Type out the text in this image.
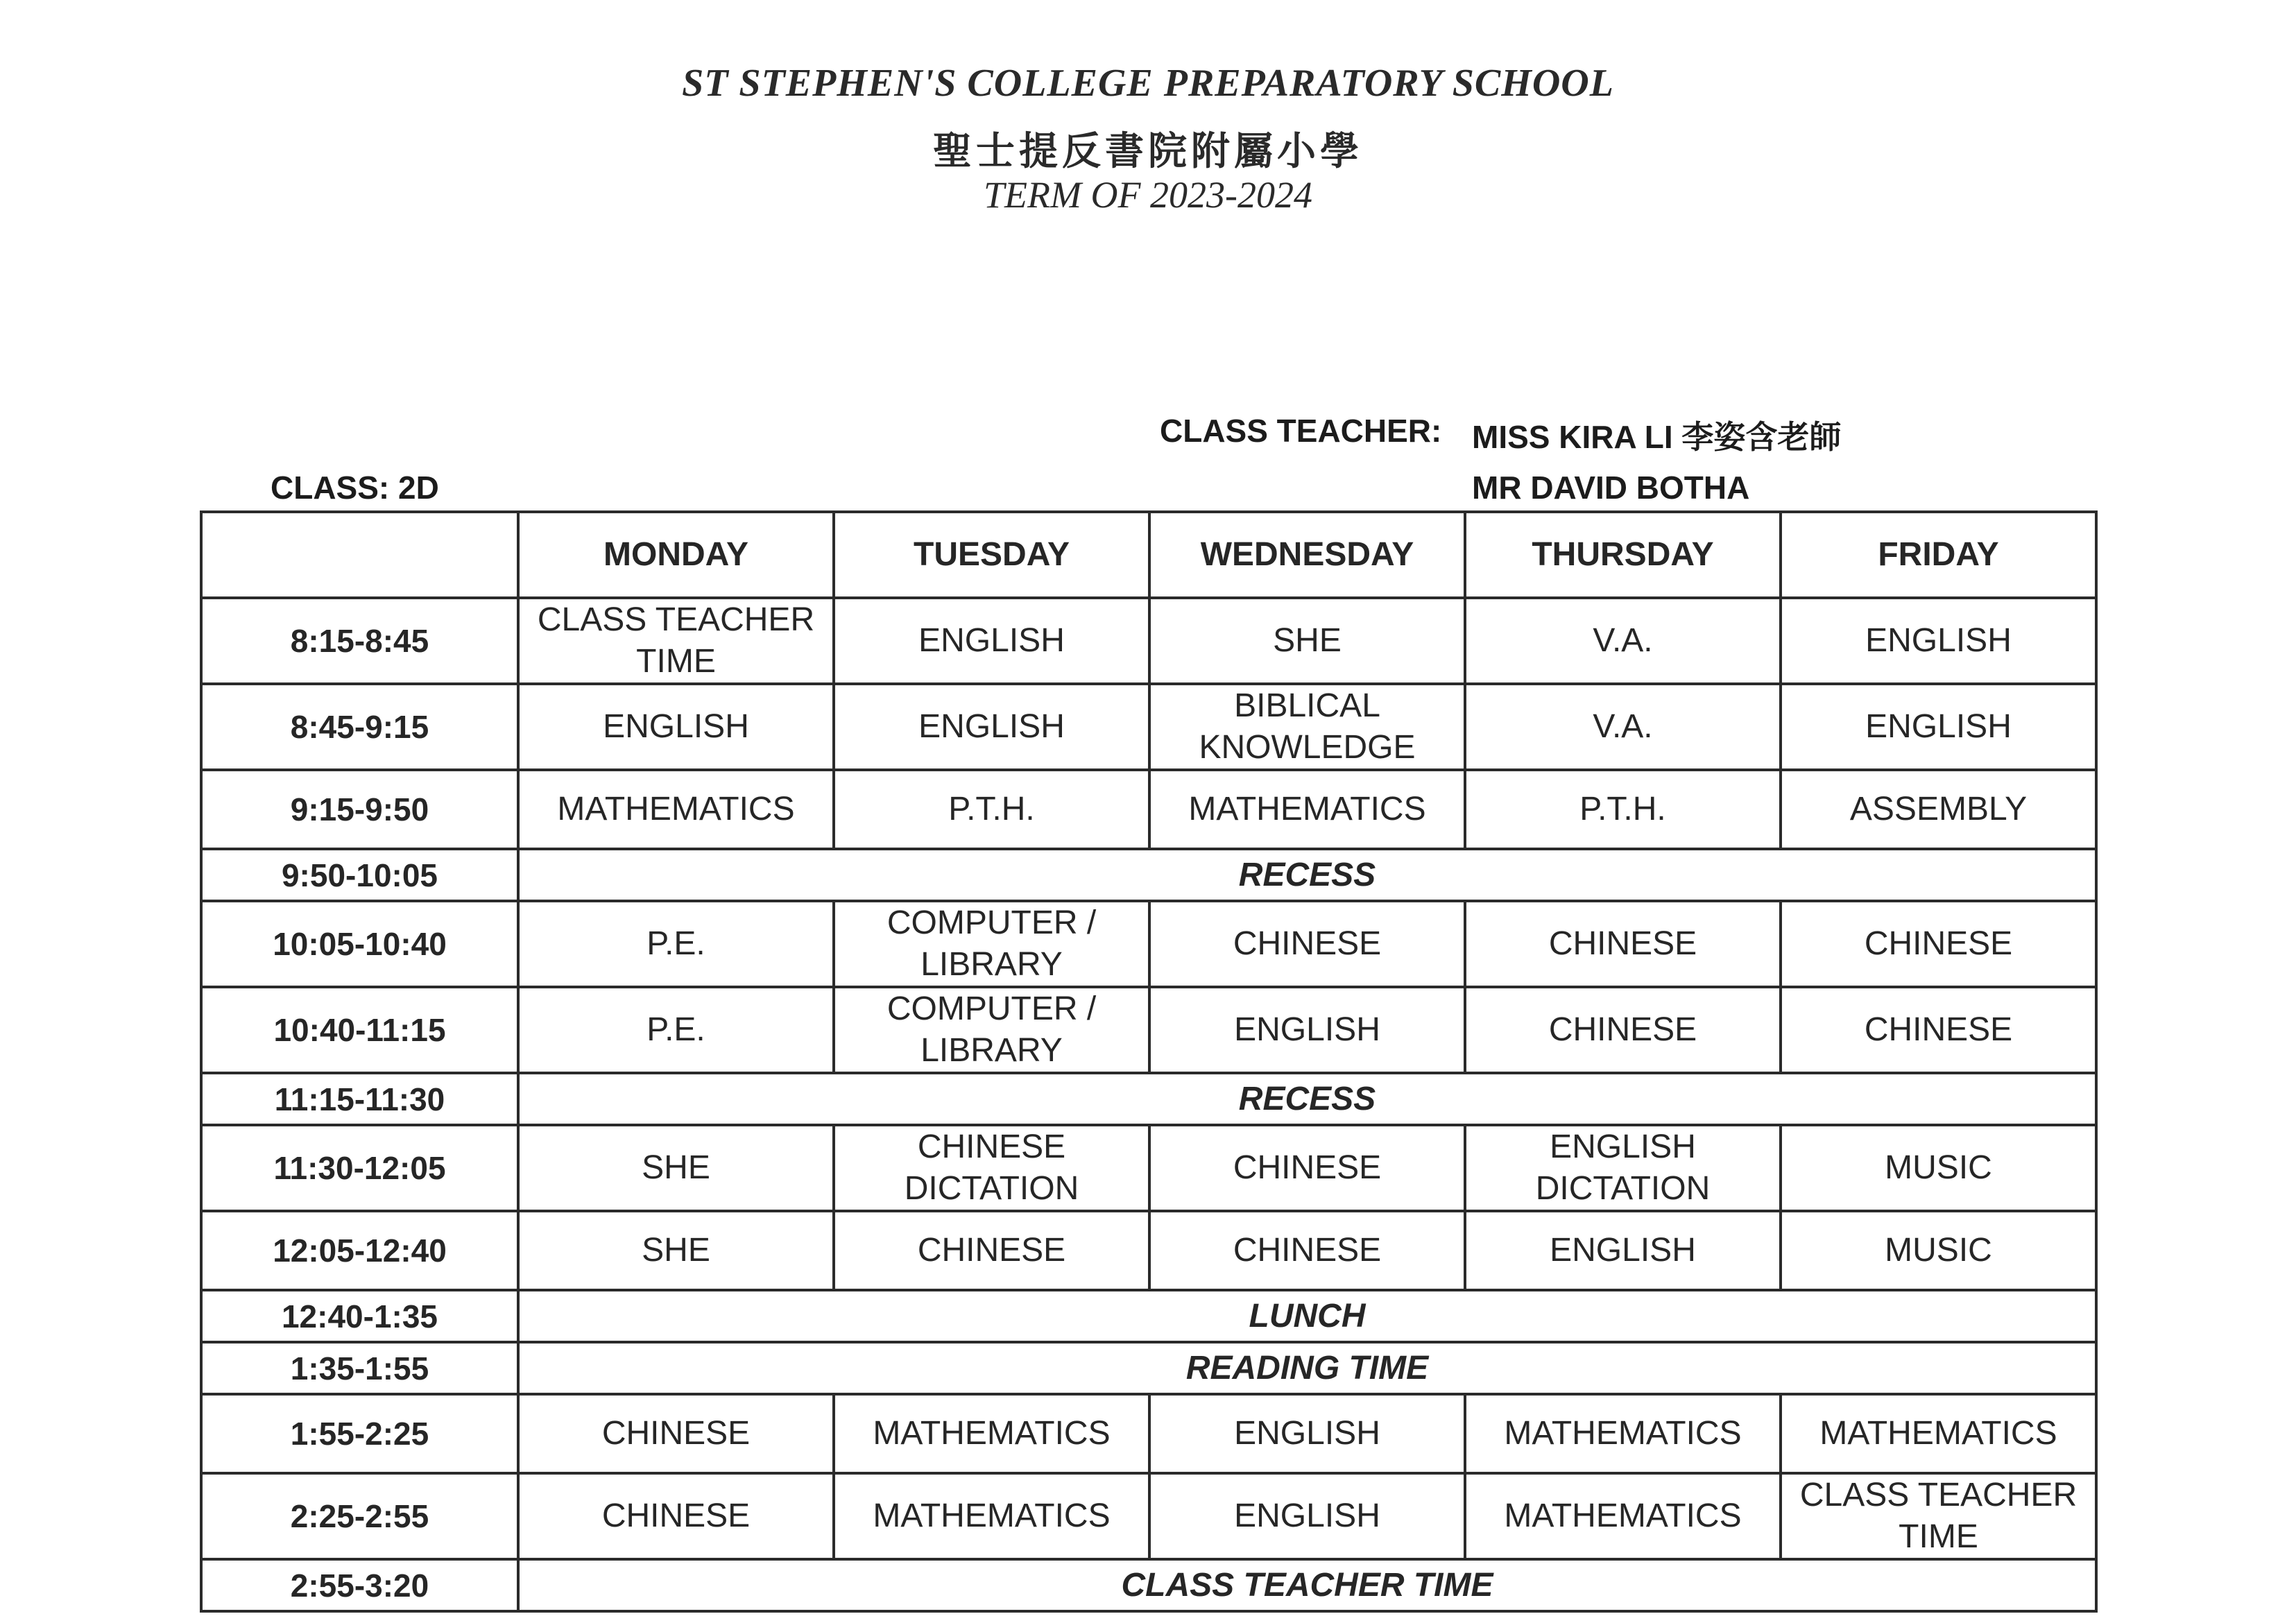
ST STEPHEN'S COLLEGE PREPARATORY SCHOOL
聖士提反書院附屬小學
TERM OF 2023-2024
CLASS TEACHER: MISS KIRA LI 李姿含老師
MR DAVID BOTHA
CLASS: 2D
	MONDAY	TUESDAY	WEDNESDAY	THURSDAY	FRIDAY
8:15-8:45	CLASS TEACHER TIME	ENGLISH	SHE	V.A.	ENGLISH
8:45-9:15	ENGLISH	ENGLISH	BIBLICAL KNOWLEDGE	V.A.	ENGLISH
9:15-9:50	MATHEMATICS	P.T.H.	MATHEMATICS	P.T.H.	ASSEMBLY
9:50-10:05	RECESS				
10:05-10:40	P.E.	COMPUTER / LIBRARY	CHINESE	CHINESE	CHINESE
10:40-11:15	P.E.	COMPUTER / LIBRARY	ENGLISH	CHINESE	CHINESE
11:15-11:30	RECESS				
11:30-12:05	SHE	CHINESE DICTATION	CHINESE	ENGLISH DICTATION	MUSIC
12:05-12:40	SHE	CHINESE	CHINESE	ENGLISH	MUSIC
12:40-1:35	LUNCH				
1:35-1:55	READING TIME				
1:55-2:25	CHINESE	MATHEMATICS	ENGLISH	MATHEMATICS	MATHEMATICS
2:25-2:55	CHINESE	MATHEMATICS	ENGLISH	MATHEMATICS	CLASS TEACHER TIME
2:55-3:20	CLASS TEACHER TIME				
